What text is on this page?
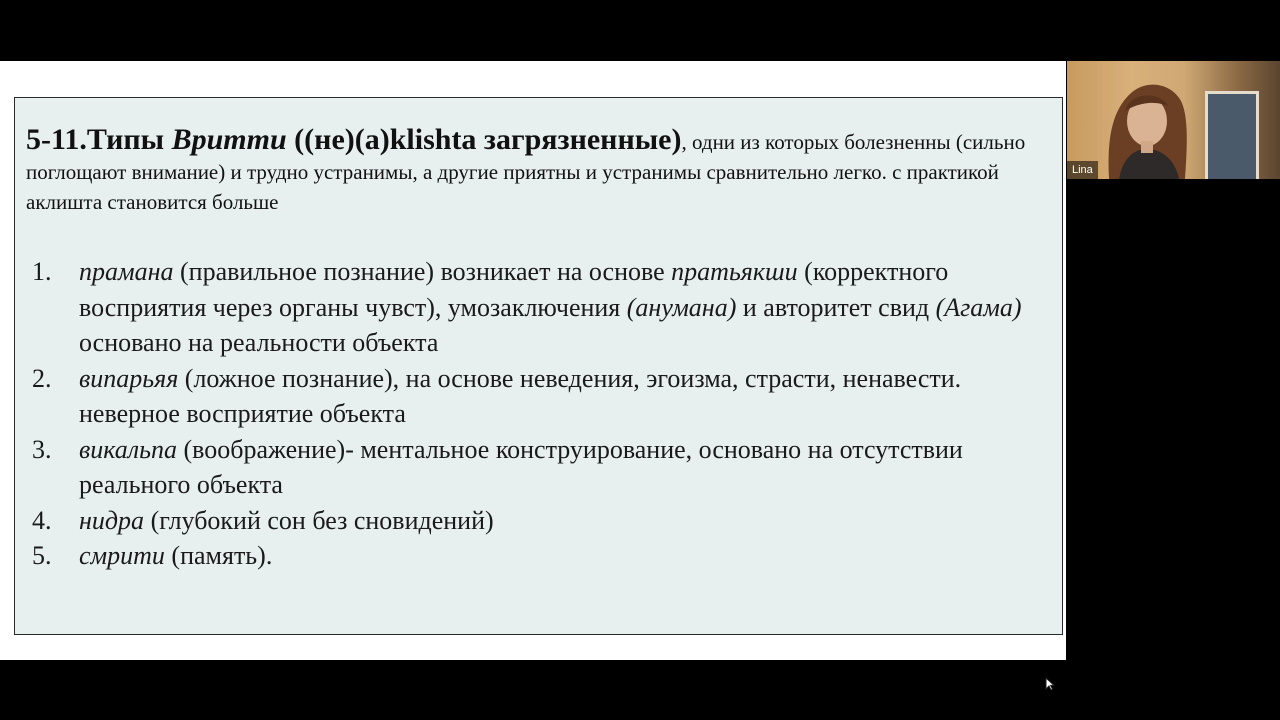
5-11.Типы Вритти ((не)(а)klishta загрязненные), одни из которых болезненны (сильно поглощают внимание) и трудно устранимы, а другие приятны и устранимы сравнительно легко. с практикой аклишта становится больше
1. прамана (правильное познание) возникает на основе пратьякши (корректного восприятия через органы чувст), умозаключения (анумана) и авторитет свид (Агама) основано на реальности объекта
2. випарьяя (ложное познание), на основе неведения, эгоизма, страсти, ненавести. неверное восприятие объекта
3. викальпа (воображение)- ментальное конструирование, основано на отсутствии реального объекта
4. нидра (глубокий сон без сновидений)
5. смрити (память).
Lina
